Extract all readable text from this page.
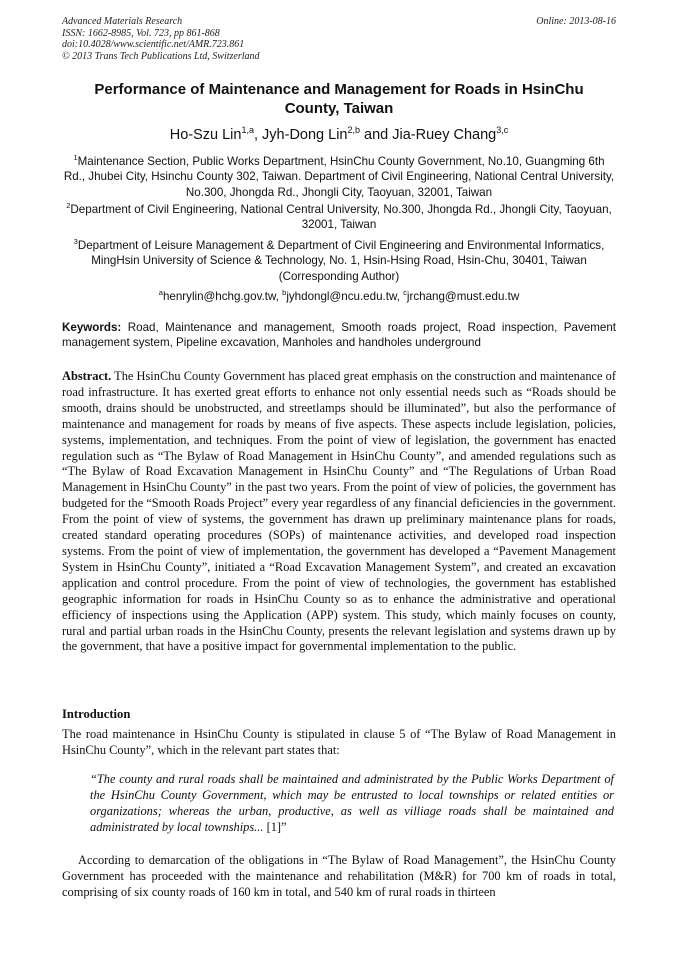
Advanced Materials Research
ISSN: 1662-8985, Vol. 723, pp 861-868
doi:10.4028/www.scientific.net/AMR.723.861
© 2013 Trans Tech Publications Ltd, Switzerland
Online: 2013-08-16
Performance of Maintenance and Management for Roads in HsinChu County, Taiwan
Ho-Szu Lin$^{1,a}$, Jyh-Dong Lin$^{2,b}$ and Jia-Ruey Chang$^{3,c}$
$^1$Maintenance Section, Public Works Department, HsinChu County Government, No.10, Guangming 6th Rd., Jhubei City, Hsinchu County 302, Taiwan. Department of Civil Engineering, National Central University, No.300, Jhongda Rd., Jhongli City, Taoyuan, 32001, Taiwan
$^2$Department of Civil Engineering, National Central University, No.300, Jhongda Rd., Jhongli City, Taoyuan, 32001, Taiwan
$^3$Department of Leisure Management & Department of Civil Engineering and Environmental Informatics, MingHsin University of Science & Technology, No. 1, Hsin-Hsing Road, Hsin-Chu, 30401, Taiwan (Corresponding Author)
$^a$henrylin@hchg.gov.tw, $^b$jyhdongl@ncu.edu.tw, $^c$jrchang@must.edu.tw
Keywords: Road, Maintenance and management, Smooth roads project, Road inspection, Pavement management system, Pipeline excavation, Manholes and handholes underground
Abstract. The HsinChu County Government has placed great emphasis on the construction and maintenance of road infrastructure. It has exerted great efforts to enhance not only essential needs such as “Roads should be smooth, drains should be unobstructed, and streetlamps should be illuminated”, but also the performance of maintenance and management for roads by means of five aspects. These aspects include legislation, policies, systems, implementation, and techniques. From the point of view of legislation, the government has enacted regulation such as “The Bylaw of Road Management in HsinChu County”, and amended regulations such as “The Bylaw of Road Excavation Management in HsinChu County” and “The Regulations of Urban Road Management in HsinChu County” in the past two years. From the point of view of policies, the government has budgeted for the “Smooth Roads Project” every year regardless of any financial deficiencies in the government. From the point of view of systems, the government has drawn up preliminary maintenance plans for roads, created standard operating procedures (SOPs) of maintenance activities, and developed road inspection systems. From the point of view of implementation, the government has developed a “Pavement Management System in HsinChu County”, initiated a “Road Excavation Management System”, and created an excavation application and control procedure. From the point of view of technologies, the government has established geographic information for roads in HsinChu County so as to enhance the administrative and operational efficiency of inspections using the Application (APP) system. This study, which mainly focuses on county, rural and partial urban roads in the HsinChu County, presents the relevant legislation and systems drawn up by the government, that have a positive impact for governmental implementation to the public.
Introduction
The road maintenance in HsinChu County is stipulated in clause 5 of “The Bylaw of Road Management in HsinChu County”, which in the relevant part states that:
“The county and rural roads shall be maintained and administrated by the Public Works Department of the HsinChu County Government, which may be entrusted to local townships or related entities or organizations; whereas the urban, productive, as well as villiage roads shall be maintained and administrated by local townships... [1]”
According to demarcation of the obligations in “The Bylaw of Road Management”, the HsinChu County Government has proceeded with the maintenance and rehabilitation (M&R) for 700 km of roads in total, comprising of six county roads of 160 km in total, and 540 km of rural roads in thirteen
